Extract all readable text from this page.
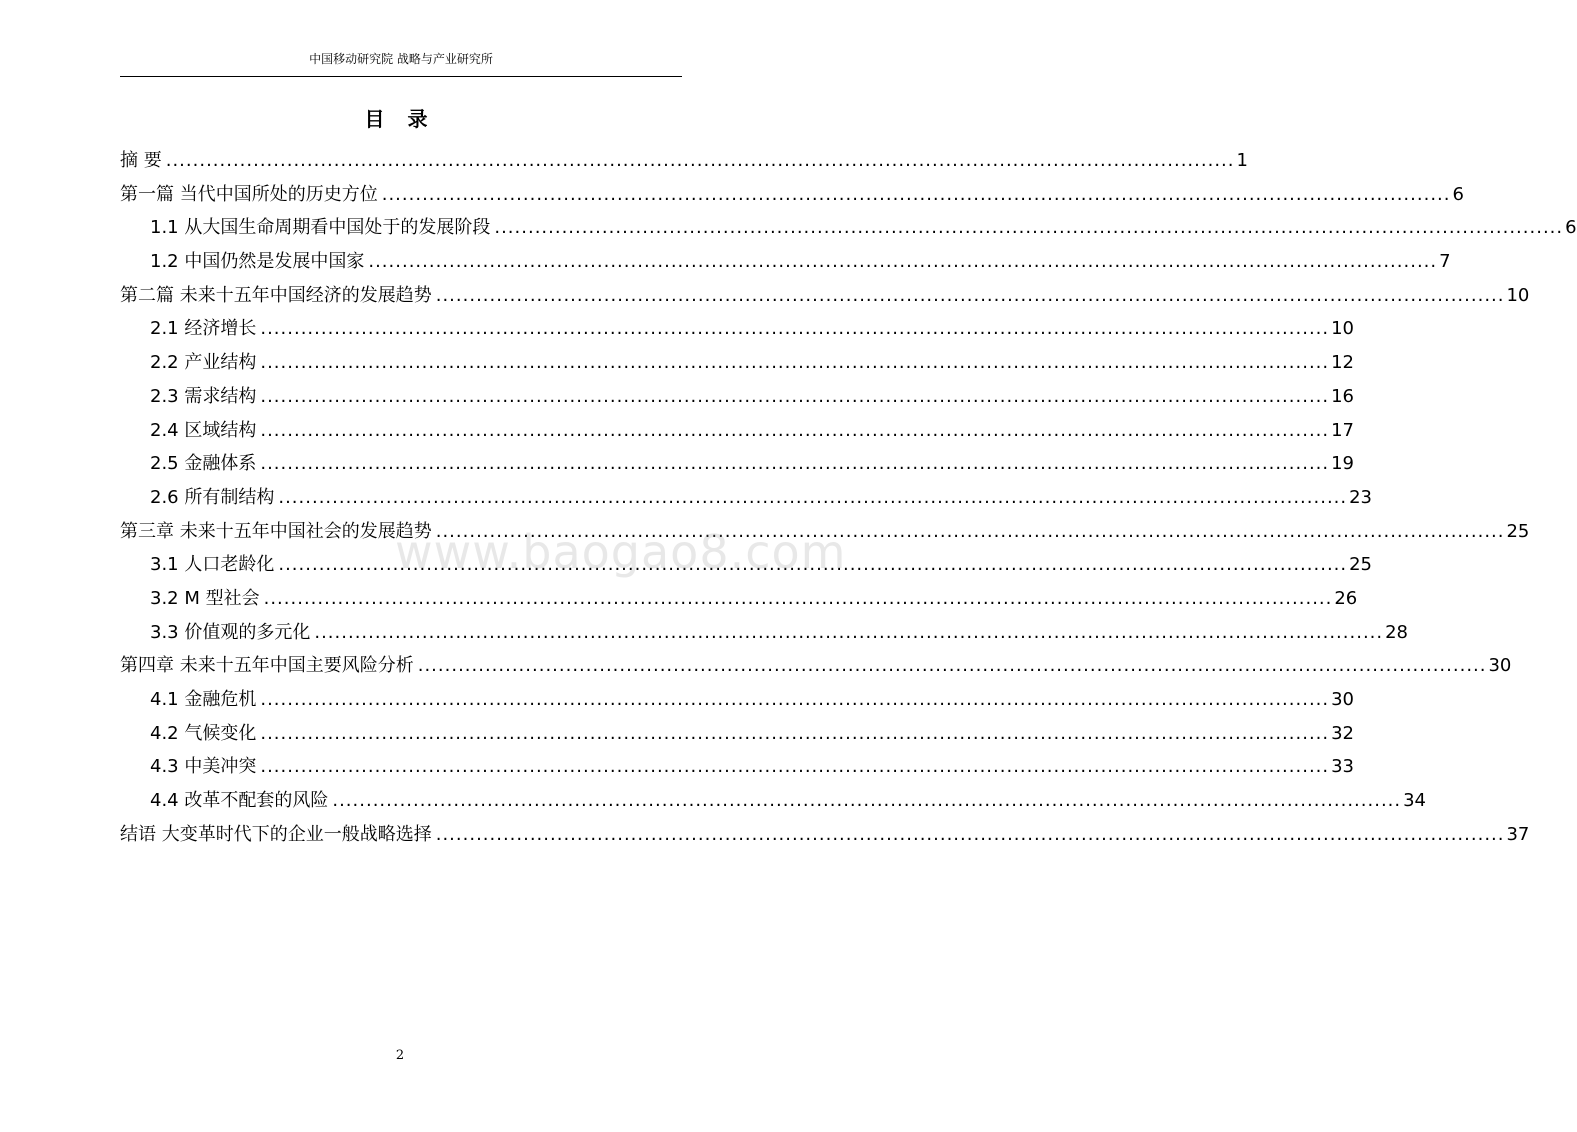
中国移动研究院 战略与产业研究所
目 录
摘 要 .....	1
第一篇 当代中国所处的历史方位 .....	6
1.1 从大国生命周期看中国处于的发展阶段 .....	6
1.2 中国仍然是发展中国家 .....	7
第二篇 未来十五年中国经济的发展趋势 .....	10
2.1 经济增长 .....	10
2.2 产业结构 .....	12
2.3 需求结构 .....	16
2.4 区域结构 .....	17
2.5 金融体系 .....	19
2.6 所有制结构 .....	23
第三章 未来十五年中国社会的发展趋势 .....	25
3.1 人口老龄化 .....	25
3.2 M 型社会 .....	26
3.3 价值观的多元化 .....	28
第四章 未来十五年中国主要风险分析 .....	30
4.1 金融危机 .....	30
4.2 气候变化 .....	32
4.3 中美冲突 .....	33
4.4 改革不配套的风险 .....	34
结语 大变革时代下的企业一般战略选择 .....	37
www.baogao8.com
2
